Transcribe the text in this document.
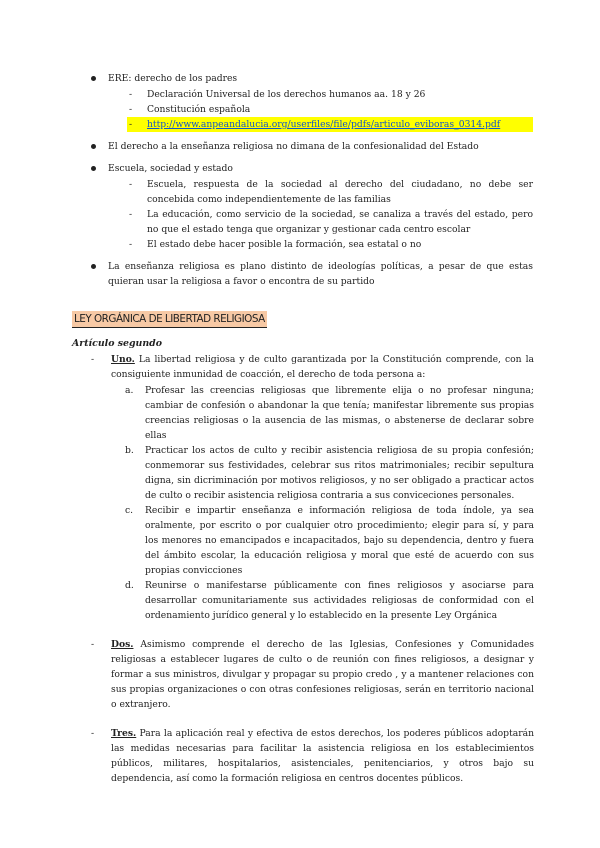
ERE: derecho de los padres
- Declaración Universal de los derechos humanos aa. 18 y 26
- Constitución española
- http://www.anpeandalucia.org/userfiles/file/pdfs/articulo_eviboras_0314.pdf
El derecho a la enseñanza religiosa no dimana de la confesionalidad del Estado
Escuela, sociedad y estado
- Escuela, respuesta de la sociedad al derecho del ciudadano, no debe ser concebida como independientemente de las familias
- La educación, como servicio de la sociedad, se canaliza a través del estado, pero no que el estado tenga que organizar y gestionar cada centro escolar
- El estado debe hacer posible la formación, sea estatal o no
La enseñanza religiosa es plano distinto de ideologías políticas, a pesar de que estas quieran usar la religiosa a favor o encontra de su partido
LEY ORGÁNICA DE LIBERTAD RELIGIOSA
Artículo segundo
- Uno. La libertad religiosa y de culto garantizada por la Constitución comprende, con la consiguiente inmunidad de coacción, el derecho de toda persona a:
a. Profesar las creencias religiosas que libremente elija o no profesar ninguna; cambiar de confesión o abandonar la que tenía; manifestar libremente sus propias creencias religiosas o la ausencia de las mismas, o abstenerse de declarar sobre ellas
b. Practicar los actos de culto y recibir asistencia religiosa de su propia confesión; conmemorar sus festividades, celebrar sus ritos matrimoniales; recibir sepultura digna, sin dicriminación por motivos religiosos, y no ser obligado a practicar actos de culto o recibir asistencia religiosa contraria a sus conviceciones personales.
c. Recibir e impartir enseñanza e información religiosa de toda índole, ya sea oralmente, por escrito o por cualquier otro procedimiento; elegir para sí, y para los menores no emancipados e incapacitados, bajo su dependencia, dentro y fuera del ámbito escolar, la educación religiosa y moral que esté de acuerdo con sus propias convicciones
d. Reunirse o manifestarse públicamente con fines religiosos y asociarse para desarrollar comunitariamente sus actividades religiosas de conformidad con el ordenamiento jurídico general y lo establecido en la presente Ley Orgánica
- Dos. Asimismo comprende el derecho de las Iglesias, Confesiones y Comunidades religiosas a establecer lugares de culto o de reunión con fines religiosos, a designar y formar a sus ministros, divulgar y propagar su propio credo , y a mantener relaciones con sus propias organizaciones o con otras confesiones religiosas, serán en territorio nacional o extranjero.
- Tres. Para la aplicación real y efectiva de estos derechos, los poderes públicos adoptarán las medidas necesarias para facilitar la asistencia religiosa en los establecimientos públicos, militares, hospitalarios, asistenciales, penitenciarios, y otros bajo su dependencia, así como la formación religiosa en centros docentes públicos.
